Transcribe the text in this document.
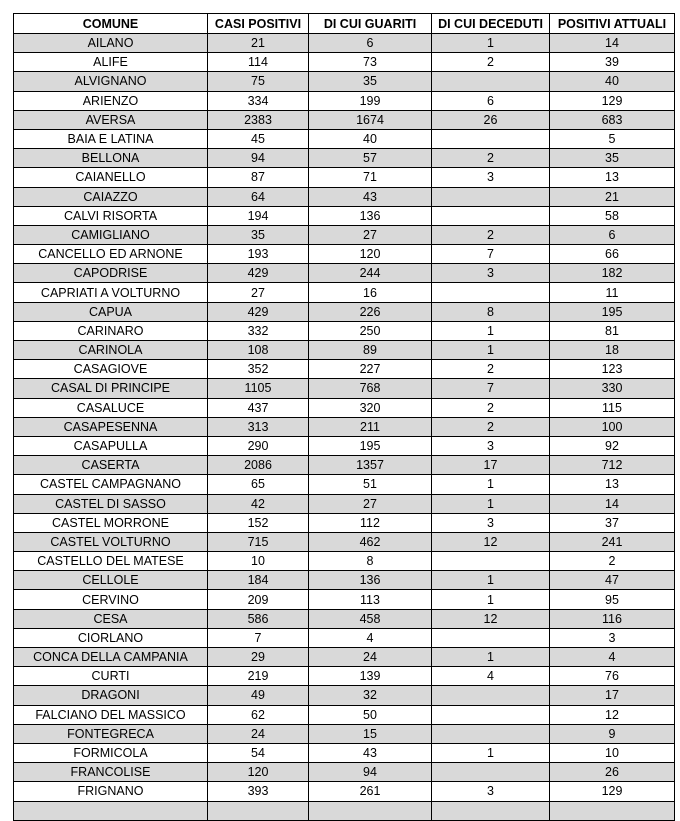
COMUNE	CASI POSITIVI	DI CUI GUARITI	DI CUI DECEDUTI	POSITIVI ATTUALI
AILANO	21	6	1	14
ALIFE	114	73	2	39
ALVIGNANO	75	35		40
ARIENZO	334	199	6	129
AVERSA	2383	1674	26	683
BAIA E LATINA	45	40		5
BELLONA	94	57	2	35
CAIANELLO	87	71	3	13
CAIAZZO	64	43		21
CALVI RISORTA	194	136		58
CAMIGLIANO	35	27	2	6
CANCELLO ED ARNONE	193	120	7	66
CAPODRISE	429	244	3	182
CAPRIATI A VOLTURNO	27	16		11
CAPUA	429	226	8	195
CARINARO	332	250	1	81
CARINOLA	108	89	1	18
CASAGIOVE	352	227	2	123
CASAL DI PRINCIPE	1105	768	7	330
CASALUCE	437	320	2	115
CASAPESENNA	313	211	2	100
CASAPULLA	290	195	3	92
CASERTA	2086	1357	17	712
CASTEL CAMPAGNANO	65	51	1	13
CASTEL DI SASSO	42	27	1	14
CASTEL MORRONE	152	112	3	37
CASTEL VOLTURNO	715	462	12	241
CASTELLO DEL MATESE	10	8		2
CELLOLE	184	136	1	47
CERVINO	209	113	1	95
CESA	586	458	12	116
CIORLANO	7	4		3
CONCA DELLA CAMPANIA	29	24	1	4
CURTI	219	139	4	76
DRAGONI	49	32		17
FALCIANO DEL MASSICO	62	50		12
FONTEGRECA	24	15		9
FORMICOLA	54	43	1	10
FRANCOLISE	120	94		26
FRIGNANO	393	261	3	129
